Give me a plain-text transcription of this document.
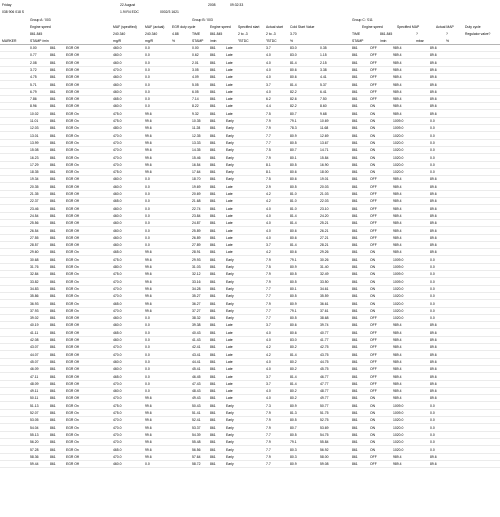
Friday	22 August	2008	09:32:33
038 906 018 S	1.9l R4 EDC	0002/3 1621
Group A: '003	Group B: '003	Group C: '011
Engine speed	MAF (specified) MAF (actual) EGR duty cycle	Engine speed Specified start Actual start Cold Start Value	Engine speed	Specified MAP	Actual MAP	Duty cycle
861.845	240.340	240.340	4.88	TIME	861.845	2 to -3	2 to -3	3.70	TIME	861.845	?	?	Regulator valve?
MARKER	STAMP /min	mg/R	mg/R	%	STAMP /min	°BTDC	°BTDC	%	STAMP	/min	mbar	%
0.00	861	EGR Off	460.0	0.0	0.00	861	Late	3.7	83.0	0.35	861	OFF	989.4	89.6
0.77	861	EGR Off	460.0	0.0	0.62	861	Late	4.0	83.0	1.15	861	OFF	989.4	89.6
2.08	861	EGR Off	460.0	0.0	2.01	861	Late	4.0	81.4	2.15	861	OFF	989.4	89.6
3.72	861	EGR Off	470.0	0.0	3.05	861	Late	4.0	80.6	3.38	861	OFF	989.4	89.6
4.75	861	EGR Off	460.0	0.0	4.09	861	Late	4.0	80.6	4.41	861	OFF	989.4	89.6
5.71	861	EGR Off	460.0	0.0	5.05	861	Late	3.7	81.4	5.37	861	OFF	989.4	89.6
6.79	861	EGR Off	460.0	0.0	6.05	861	Late	4.0	82.2	6.41	861	OFF	989.4	89.6
7.86	861	EGR Off	465.0	0.0	7.14	861	Late	6.2	82.6	7.50	861	OFF	989.4	89.6
8.96	861	EGR Off	460.0	0.0	8.22	861	Late	4.4	82.2	8.60	861	ON	989.4	89.6
10.02	861	EGR On	475.0	99.6	9.32	861	Late	7.5	80.7	9.68	861	ON	989.4	89.6
11.01	861	EGR On	475.0	99.6	10.35	861	Early	7.9	79.1	10.69	861	ON	1009.0	0.0
12.03	861	EGR On	480.0	99.6	11.28	861	Early	7.9	78.3	11.68	861	ON	1009.0	0.0
13.01	861	EGR On	470.0	99.6	12.35	861	Early	7.7	80.9	12.69	861	ON	1020.0	0.0
13.99	861	EGR On	470.0	99.6	13.33	861	Early	7.7	80.5	13.67	861	ON	1020.0	0.0
15.08	861	EGR On	470.0	99.6	14.35	861	Early	7.5	80.7	14.71	861	ON	1020.0	0.0
16.23	861	EGR On	470.0	99.6	15.46	861	Early	7.9	80.1	15.84	861	ON	1020.0	0.0
17.29	861	EGR On	470.0	99.6	16.54	861	Early	8.1	80.5	16.90	861	ON	1020.0	0.0
18.35	861	EGR On	475.0	99.6	17.64	861	Early	8.1	80.6	18.00	861	ON	1020.0	0.0
19.34	861	EGR Off	460.0	0.0	18.70	861	Early	7.5	80.6	19.01	861	OFF	989.4	89.6
20.35	861	EGR Off	460.0	0.0	19.69	861	Late	2.9	80.5	20.03	861	OFF	989.4	89.6
21.35	861	EGR Off	460.0	0.0	20.69	861	Late	4.2	81.0	21.03	861	OFF	989.4	89.6
22.37	861	EGR Off	465.0	0.0	21.68	861	Late	4.2	81.0	22.03	861	OFF	989.4	89.6
23.46	861	EGR Off	460.0	0.0	22.74	861	Late	4.0	81.0	23.10	861	OFF	989.4	89.6
24.54	861	EGR Off	460.0	0.0	23.84	861	Late	4.0	81.4	24.20	861	OFF	989.4	89.6
25.56	861	EGR Off	460.0	0.0	24.87	861	Late	4.0	81.4	25.21	861	OFF	989.4	89.6
26.54	861	EGR Off	460.0	0.0	25.89	861	Late	4.0	80.6	26.21	861	OFF	989.4	89.6
27.55	861	EGR Off	460.0	0.0	26.89	861	Late	4.0	80.6	27.21	861	OFF	989.4	89.6
28.57	861	EGR Off	460.0	0.0	27.89	861	Late	3.7	81.4	28.21	861	OFF	989.4	89.6
29.60	861	EGR On	465.0	99.6	28.91	861	Late	4.2	80.6	29.26	861	ON	989.4	89.6
30.68	861	EGR On	475.0	99.6	29.93	861	Early	7.9	79.1	30.26	861	ON	1009.0	0.0
31.76	861	EGR On	480.0	99.6	31.03	861	Early	7.5	80.9	31.40	861	ON	1009.0	0.0
32.84	861	EGR On	475.0	99.6	32.12	861	Early	7.9	80.5	32.49	861	ON	1009.0	0.0
33.82	861	EGR On	470.0	99.6	33.16	861	Early	7.9	80.5	33.50	861	ON	1009.0	0.0
34.83	861	EGR On	470.0	99.6	34.28	861	Early	7.7	80.1	34.61	861	ON	1020.0	0.0
35.86	861	EGR On	470.0	99.6	35.27	861	Early	7.7	80.5	35.59	861	ON	1020.0	0.0
36.93	861	EGR On	465.0	99.6	36.27	861	Early	7.9	80.9	36.61	861	ON	1020.0	0.0
37.93	861	EGR On	470.0	99.6	37.27	861	Early	7.7	79.1	37.61	861	ON	1020.0	0.0
39.02	861	EGR Off	460.0	0.0	38.32	861	Early	7.7	80.5	38.68	861	OFF	1020.0	0.0
40.19	861	EGR Off	460.0	0.0	39.38	861	Late	3.7	80.6	39.74	861	OFF	989.4	89.6
41.11	861	EGR Off	465.0	0.0	40.43	861	Late	4.0	80.6	40.77	861	OFF	989.4	89.6
42.08	861	EGR Off	460.0	0.0	41.43	861	Late	4.0	83.0	41.77	861	OFF	989.4	89.6
43.07	861	EGR Off	470.0	0.0	42.41	861	Late	4.2	80.2	42.75	861	OFF	989.4	89.6
44.07	861	EGR Off	470.0	0.0	43.41	861	Late	4.2	81.4	43.75	861	OFF	989.4	89.6
45.07	861	EGR Off	460.0	0.0	44.41	861	Late	4.0	80.2	44.75	861	OFF	989.4	89.6
46.09	861	EGR Off	460.0	0.0	45.41	861	Late	4.0	80.2	45.75	861	OFF	989.4	89.6
47.11	861	EGR Off	465.0	0.0	46.45	861	Late	3.7	81.4	46.77	861	OFF	989.4	89.6
48.09	861	EGR Off	470.0	0.0	47.43	861	Late	3.7	81.4	47.77	861	OFF	989.4	89.6
49.11	861	EGR Off	460.0	0.0	48.43	861	Late	4.0	80.2	48.77	861	OFF	989.4	89.6
50.11	861	EGR Off	470.0	99.6	49.43	861	Late	4.0	80.2	49.77	861	ON	989.4	89.6
51.13	861	EGR On	475.0	99.6	50.43	861	Early	7.3	80.9	50.77	861	ON	1009.0	0.0
52.07	861	EGR On	475.0	99.6	51.41	861	Early	7.9	81.3	51.75	861	ON	1009.0	0.0
53.05	861	EGR On	470.0	99.6	52.41	861	Early	7.9	80.5	52.75	861	ON	1020.0	0.0
54.04	861	EGR On	470.0	99.6	53.37	861	Early	7.9	80.7	53.69	861	ON	1020.0	0.0
55.13	861	EGR On	470.0	99.6	54.39	861	Early	7.7	80.5	54.75	861	ON	1020.0	0.0
56.20	861	EGR On	470.0	99.6	55.48	861	Early	7.9	79.1	55.84	861	ON	1020.0	0.0
57.28	861	EGR On	465.0	99.6	56.56	861	Early	7.7	80.3	56.92	861	ON	1020.0	0.0
58.36	861	EGR Off	470.0	99.6	57.64	861	Early	7.9	80.3	58.00	861	OFF	989.4	89.6
59.44	861	EGR Off	460.0	0.0	58.72	861	Early	7.7	80.9	59.08	861	OFF	989.4	89.6
